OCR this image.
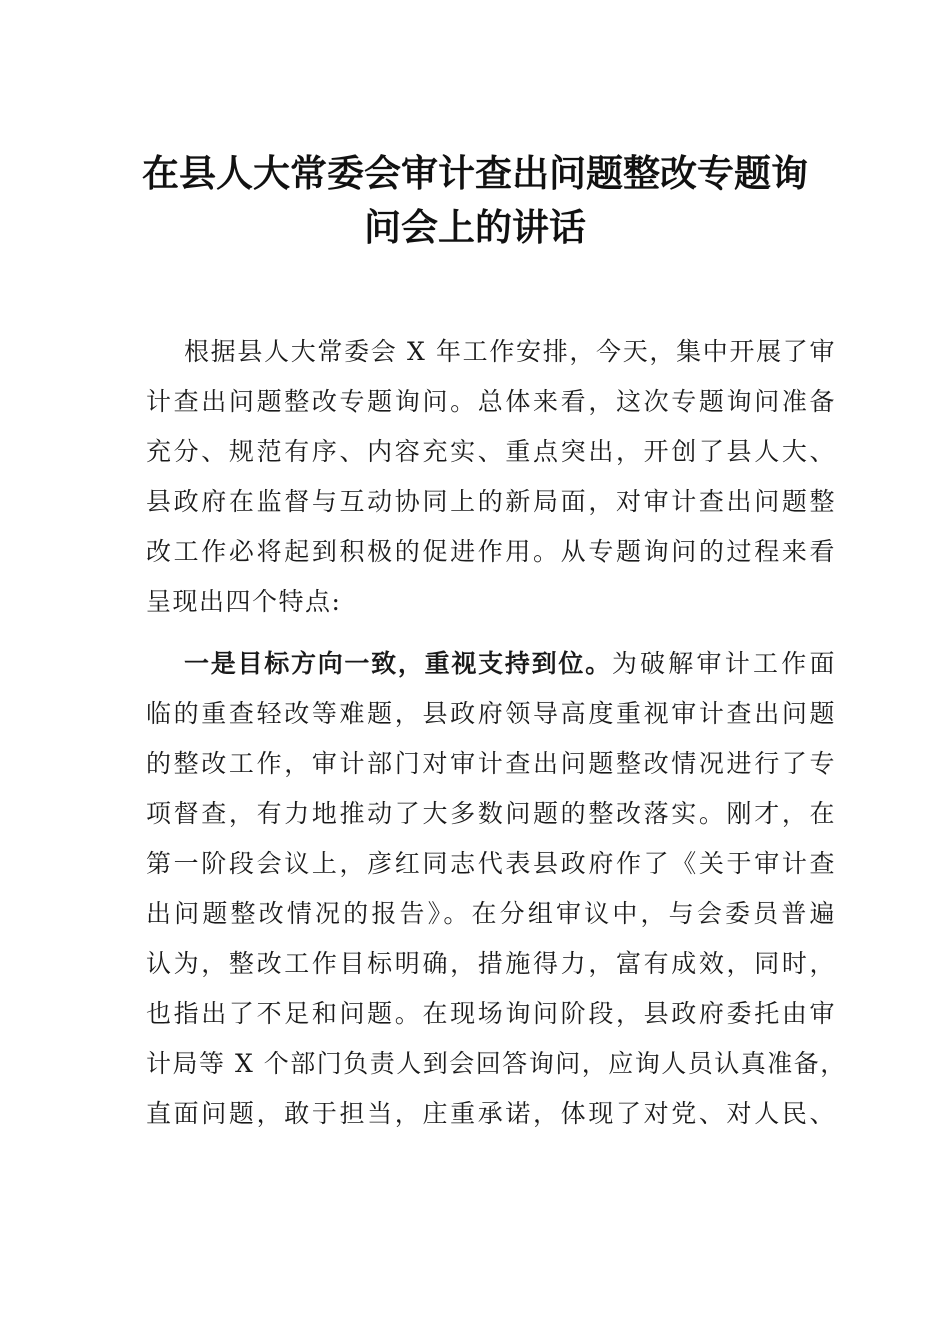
在县人大常委会审计查出问题整改专题询
问会上的讲话

根据县人大常委会 X 年工作安排，今天，集中开展了审
计查出问题整改专题询问。总体来看，这次专题询问准备
充分、规范有序、内容充实、重点突出，开创了县人大、
县政府在监督与互动协同上的新局面，对审计查出问题整
改工作必将起到积极的促进作用。从专题询问的过程来看
呈现出四个特点:

一是目标方向一致，重视支持到位。为破解审计工作面
临的重查轻改等难题，县政府领导高度重视审计查出问题
的整改工作，审计部门对审计查出问题整改情况进行了专
项督查，有力地推动了大多数问题的整改落实。刚才，在
第一阶段会议上，彦红同志代表县政府作了《关于审计查
出问题整改情况的报告》。在分组审议中，与会委员普遍
认为，整改工作目标明确，措施得力，富有成效，同时，
也指出了不足和问题。在现场询问阶段，县政府委托由审
计局等 X 个部门负责人到会回答询问，应询人员认真准备，
直面问题，敢于担当，庄重承诺，体现了对党、对人民、
